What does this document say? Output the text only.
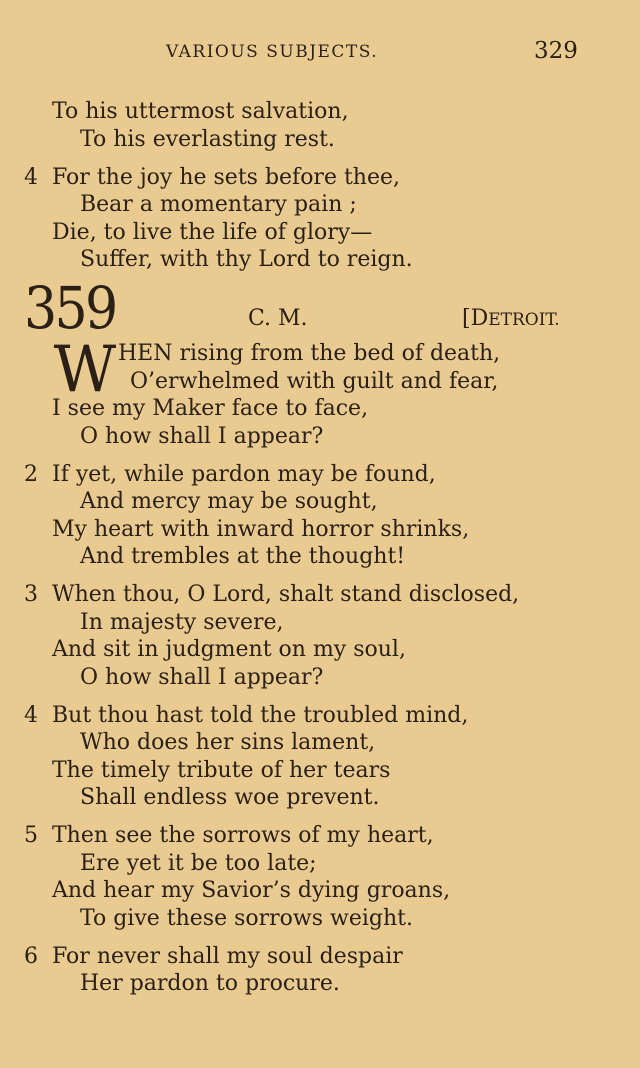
VARIOUS SUBJECTS.	329
To his uttermost salvation,
To his everlasting rest.
4 For the joy he sets before thee,
Bear a momentary pain ;
Die, to live the life of glory—
Suffer, with thy Lord to reign.
359	C. M.	[DETROIT.
W HEN rising from the bed of death,
O’erwhelmed with guilt and fear,
I see my Maker face to face,
O how shall I appear?
2 If yet, while pardon may be found,
And mercy may be sought,
My heart with inward horror shrinks,
And trembles at the thought!
3 When thou, O Lord, shalt stand disclosed,
In majesty severe,
And sit in judgment on my soul,
O how shall I appear?
4 But thou hast told the troubled mind,
Who does her sins lament,
The timely tribute of her tears
Shall endless woe prevent.
5 Then see the sorrows of my heart,
Ere yet it be too late;
And hear my Savior’s dying groans,
To give these sorrows weight.
6 For never shall my soul despair
Her pardon to procure.
